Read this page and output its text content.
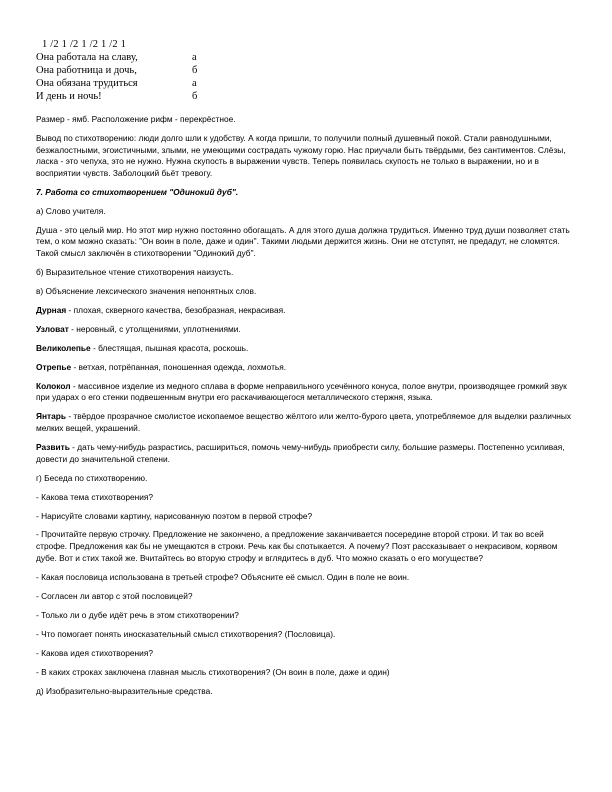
1 /2 1 /2 1 /2 1 /2 1
Она работала на славу,	а
Она работница и дочь,	б
Она обязана трудиться	а
И день и ночь!	б

Размер - ямб. Расположение рифм - перекрёстное.

Вывод по стихотворению: люди долго шли к удобству. А когда пришли, то получили полный душевный покой. Стали равнодушными, безжалостными, эгоистичными, злыми, не умеющими сострадать чужому горю. Нас приучали быть твёрдыми, без сантиментов. Слёзы, ласка - это чепуха, это не нужно. Нужна скупость в выражении чувств. Теперь появилась скупость не только в выражении, но и в восприятии чувств. Заболоцкий бьёт тревогу.

7. Работа со стихотворением "Одинокий дуб".

а) Слово учителя.

Душа - это целый мир. Но этот мир нужно постоянно обогащать. А для этого душа должна трудиться. Именно труд души позволяет стать тем, о ком можно сказать: "Он воин в поле, даже и один". Такими людьми держится жизнь. Они не отступят, не предадут, не сломятся. Такой смысл заключён в стихотворении "Одинокий дуб".

б) Выразительное чтение стихотворения наизусть.

в) Объяснение лексического значения непонятных слов.

Дурная - плохая, скверного качества, безобразная, некрасивая.

Узловат - неровный, с утолщениями, уплотнениями.

Великолепье - блестящая, пышная красота, роскошь.

Отрепье - ветхая, потрёпанная, поношенная одежда, лохмотья.

Колокол - массивное изделие из медного сплава в форме неправильного усечённого конуса, полое внутри, производящее громкий звук при ударах о его стенки подвешенным внутри его раскачивающегося металлического стержня, языка.

Янтарь - твёрдое прозрачное смолистое ископаемое вещество жёлтого или желто-бурого цвета, употребляемое для выделки различных мелких вещей, украшений.

Развить - дать чему-нибудь разрастись, расшириться, помочь чему-нибудь приобрести силу, большие размеры. Постепенно усиливая, довести до значительной степени.

г) Беседа по стихотворению.

- Какова тема стихотворения?

- Нарисуйте словами картину, нарисованную поэтом в первой строфе?

- Прочитайте первую строчку. Предложение не закончено, а предложение заканчивается посередине второй строки. И так во всей строфе. Предложения как бы не умещаются в строки. Речь как бы спотыкается. А почему? Поэт рассказывает о некрасивом, корявом дубе. Вот и стих такой же. Вчитайтесь во вторую строфу и вглядитесь в дуб. Что можно сказать о его могуществе?

- Какая пословица использована в третьей строфе? Объясните её смысл. Один в поле не воин.

- Согласен ли автор с этой пословицей?

- Только ли о дубе идёт речь в этом стихотворении?

- Что помогает понять иносказательный смысл стихотворения? (Пословица).

- Какова идея стихотворения?

- В каких строках заключена главная мысль стихотворения? (Он воин в поле, даже и один)

д) Изобразительно-выразительные средства.
